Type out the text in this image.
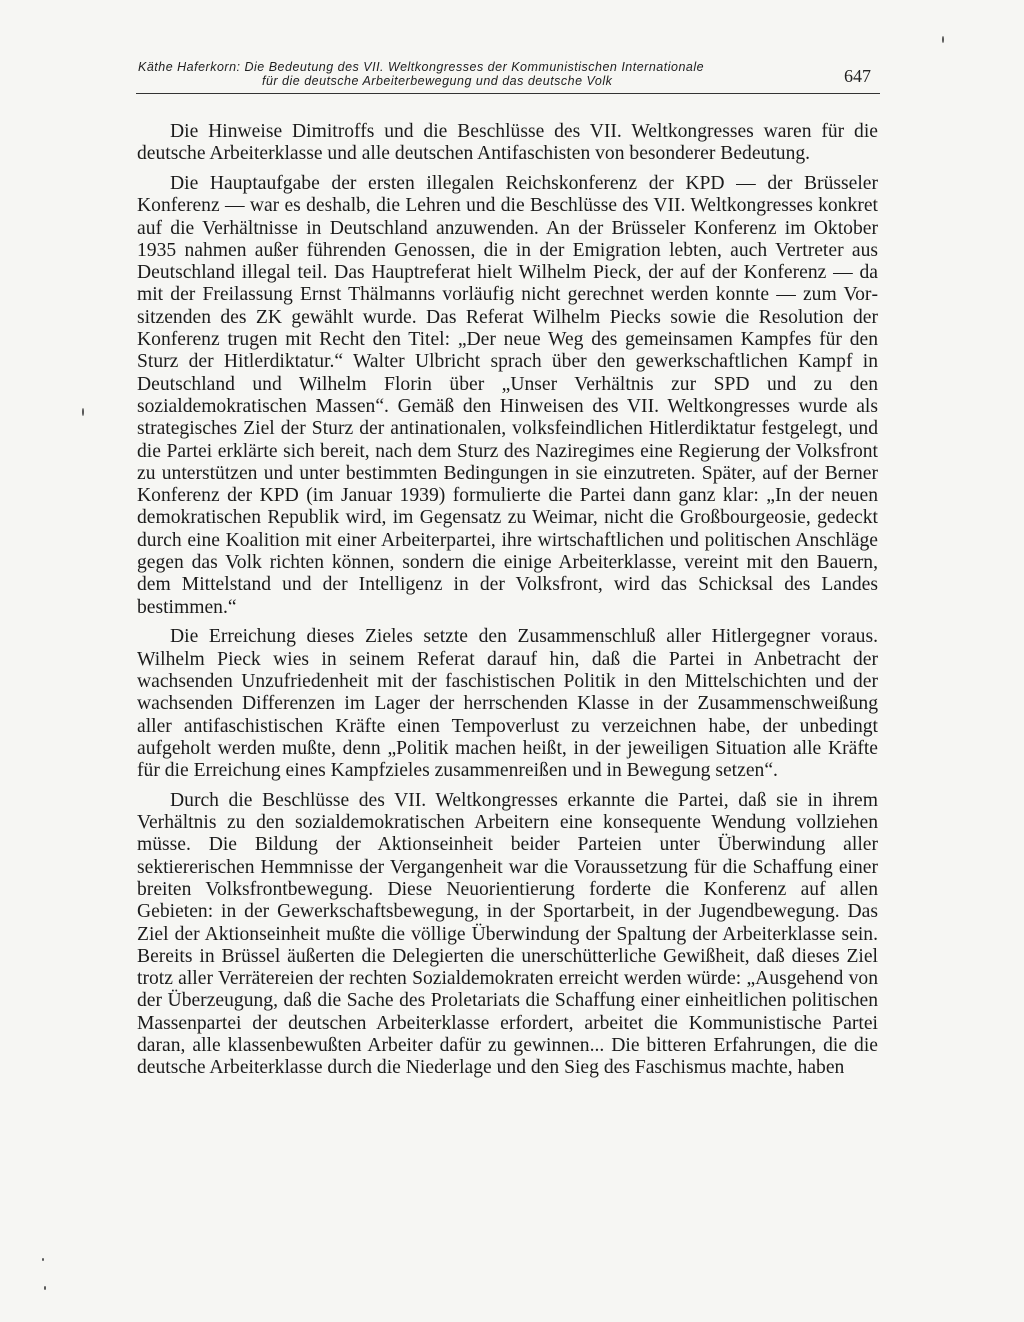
Käthe Haferkorn: Die Bedeutung des VII. Weltkongresses der Kommunistischen Internationale
für die deutsche Arbeiterbewegung und das deutsche Volk	647

Die Hinweise Dimitroffs und die Beschlüsse des VII. Weltkongresses waren für die deutsche Arbeiterklasse und alle deutschen Antifaschisten von besonderer Bedeutung.

Die Hauptaufgabe der ersten illegalen Reichskonferenz der KPD — der Brüsseler Konferenz — war es deshalb, die Lehren und die Beschlüsse des VII. Weltkongresses konkret auf die Verhältnisse in Deutschland anzuwenden. An der Brüsseler Konferenz im Oktober 1935 nahmen außer führenden Genossen, die in der Emigration lebten, auch Vertreter aus Deutschland illegal teil. Das Hauptreferat hielt Wilhelm Pieck, der auf der Konferenz — da mit der Freilassung Ernst Thälmanns vorläufig nicht gerechnet werden konnte — zum Vorsitzenden des ZK gewählt wurde. Das Referat Wilhelm Piecks sowie die Resolution der Konferenz trugen mit Recht den Titel: „Der neue Weg des gemeinsamen Kampfes für den Sturz der Hitlerdiktatur.“ Walter Ulbricht sprach über den gewerkschaftlichen Kampf in Deutschland und Wilhelm Florin über „Unser Verhältnis zur SPD und zu den sozialdemokratischen Massen“. Gemäß den Hinweisen des VII. Weltkongresses wurde als strategisches Ziel der Sturz der antinationalen, volksfeindlichen Hitlerdiktatur festgelegt, und die Partei erklärte sich bereit, nach dem Sturz des Naziregimes eine Regierung der Volksfront zu unterstützen und unter bestimmten Bedingungen in sie einzutreten. Später, auf der Berner Konferenz der KPD (im Januar 1939) formulierte die Partei dann ganz klar: „In der neuen demokratischen Republik wird, im Gegensatz zu Weimar, nicht die Großbourgeosie, gedeckt durch eine Koalition mit einer Arbeiterpartei, ihre wirtschaftlichen und politischen Anschläge gegen das Volk richten können, sondern die einige Arbeiterklasse, vereint mit den Bauern, dem Mittelstand und der Intelligenz in der Volksfront, wird das Schicksal des Landes bestimmen.“

Die Erreichung dieses Zieles setzte den Zusammenschluß aller Hitlergegner voraus. Wilhelm Pieck wies in seinem Referat darauf hin, daß die Partei in Anbetracht der wachsenden Unzufriedenheit mit der faschistischen Politik in den Mittelschichten und der wachsenden Differenzen im Lager der herrschenden Klasse in der Zusammenschweißung aller antifaschistischen Kräfte einen Tempoverlust zu verzeichnen habe, der unbedingt aufgeholt werden mußte, denn „Politik machen heißt, in der jeweiligen Situation alle Kräfte für die Erreichung eines Kampfzieles zusammenreißen und in Bewegung setzen“.

Durch die Beschlüsse des VII. Weltkongresses erkannte die Partei, daß sie in ihrem Verhältnis zu den sozialdemokratischen Arbeitern eine konsequente Wendung vollziehen müsse. Die Bildung der Aktionseinheit beider Parteien unter Überwindung aller sektiererischen Hemmnisse der Vergangenheit war die Voraussetzung für die Schaffung einer breiten Volksfrontbewegung. Diese Neuorientierung forderte die Konferenz auf allen Gebieten: in der Gewerkschaftsbewegung, in der Sportarbeit, in der Jugendbewegung. Das Ziel der Aktionseinheit mußte die völlige Überwindung der Spaltung der Arbeiterklasse sein. Bereits in Brüssel äußerten die Delegierten die unerschütterliche Gewißheit, daß dieses Ziel trotz aller Verrätereien der rechten Sozialdemokraten erreicht werden würde: „Ausgehend von der Überzeugung, daß die Sache des Proletariats die Schaffung einer einheitlichen politischen Massenpartei der deutschen Arbeiterklasse erfordert, arbeitet die Kommunistische Partei daran, alle klassenbewußten Arbeiter dafür zu gewinnen... Die bitteren Erfahrungen, die die deutsche Arbeiterklasse durch die Niederlage und den Sieg des Faschismus machte, haben
